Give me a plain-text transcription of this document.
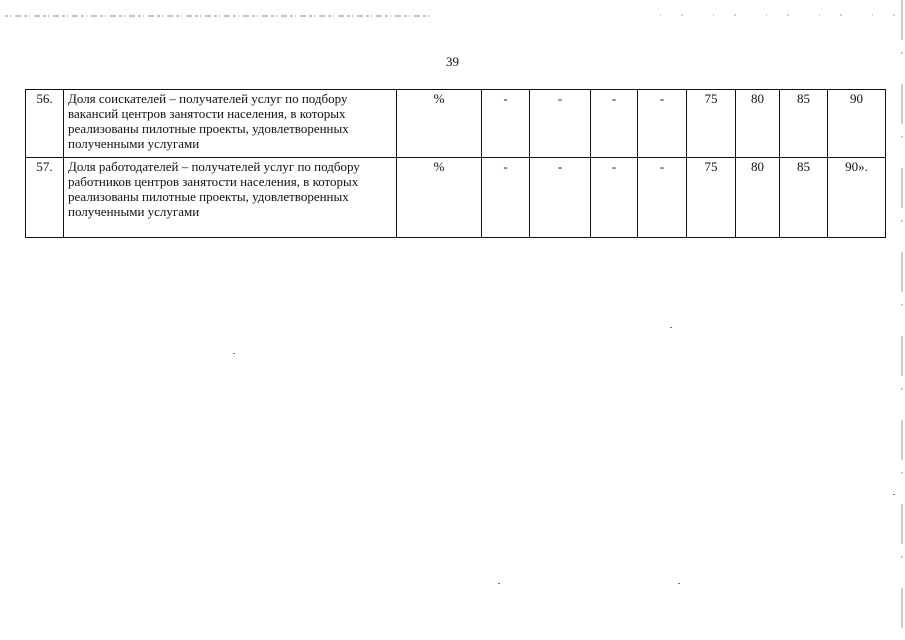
39
56.	Доля соискателей – получателей услуг по подбору вакансий центров занятости населения, в которых реализованы пилотные проекты, удовлетворенных полученными услугами	%	-	-	-	-	75	80	85	90
57.	Доля работодателей – получателей услуг по подбору работников центров занятости населения, в которых реализованы пилотные проекты, удовлетворенных полученными услугами	%	-	-	-	-	75	80	85	90».
